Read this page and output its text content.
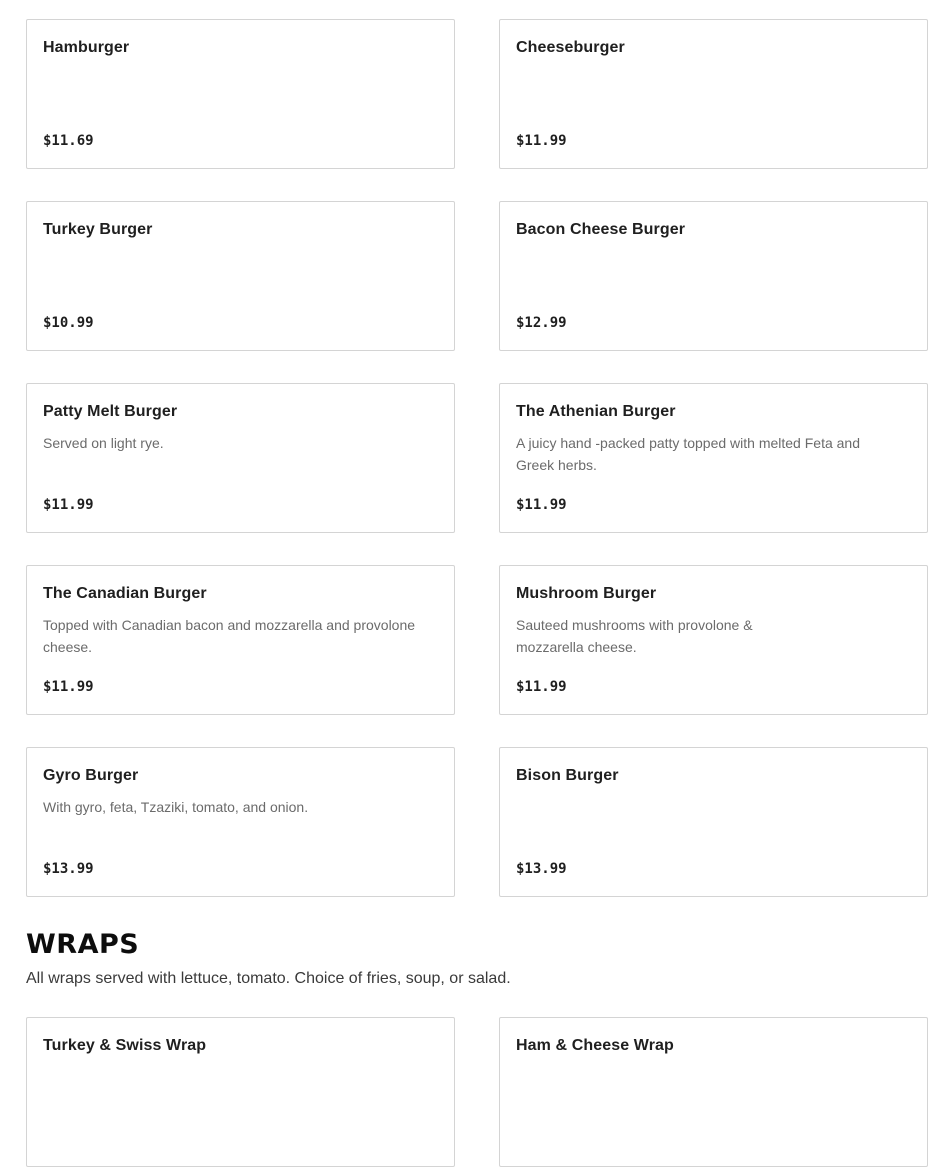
Hamburger
$11.69
Cheeseburger
$11.99
Turkey Burger
$10.99
Bacon Cheese Burger
$12.99
Patty Melt Burger
Served on light rye.
$11.99
The Athenian Burger
A juicy hand -packed patty topped with melted Feta and Greek herbs.
$11.99
The Canadian Burger
Topped with Canadian bacon and mozzarella and provolone cheese.
$11.99
Mushroom Burger
Sauteed mushrooms with provolone & mozzarella cheese.
$11.99
Gyro Burger
With gyro, feta, Tzaziki, tomato, and onion.
$13.99
Bison Burger
$13.99
WRAPS

All wraps served with lettuce, tomato. Choice of fries, soup, or salad.

Turkey & Swiss Wrap	Ham & Cheese Wrap
